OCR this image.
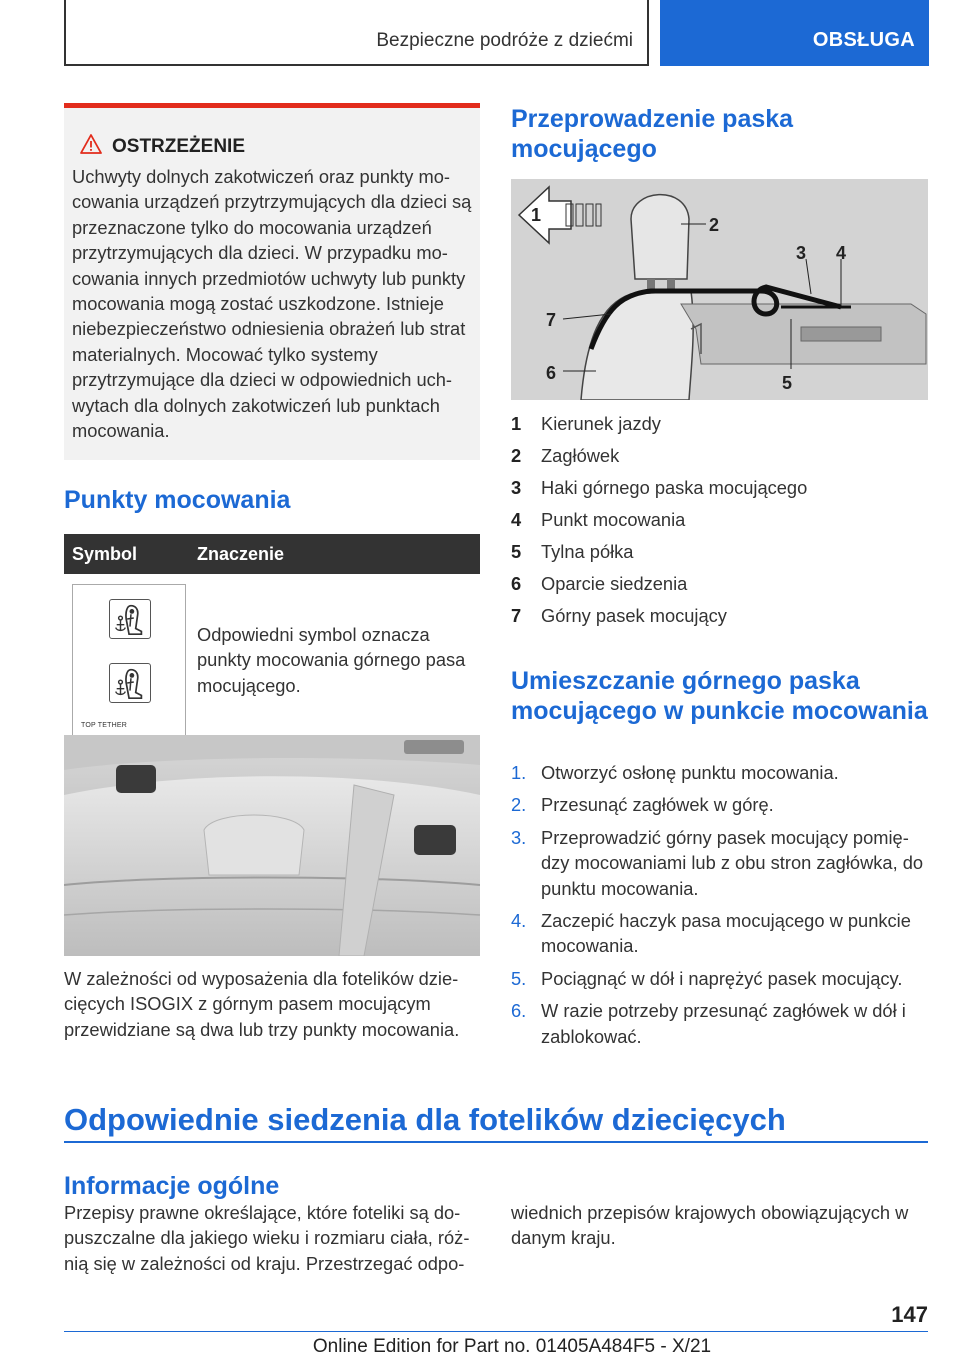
Bezpieczne podróże z dziećmi	OBSŁUGA
OSTRZEŻENIE
Uchwyty dolnych zakotwiczeń oraz punkty mo‐cowania urządzeń przytrzymujących dla dzieci są przeznaczone tylko do mocowania urządzeń przytrzymujących dla dzieci. W przypadku mo‐cowania innych przedmiotów uchwyty lub punkty mocowania mogą zostać uszkodzone. Istnieje niebezpieczeństwo odniesienia obrażeń lub strat materialnych. Mocować tylko systemy przytrzymujące dla dzieci w odpowiednich uch‐wytach dla dolnych zakotwiczeń lub punktach mocowania.
Punkty mocowania
Symbol	Znaczenie
TOP TETHER
Odpowiedni symbol oznacza punkty mocowania górnego pasa mocującego.
W zależności od wyposażenia dla fotelików dzie‐cięcych ISOGIX z górnym pasem mocującym przewidziane są dwa lub trzy punkty mocowania.
Przeprowadzenie paska mocującego
1	2
3 4
5
6
7
1 Kierunek jazdy
2 Zagłówek
3 Haki górnego paska mocującego
4 Punkt mocowania
5 Tylna półka
6 Oparcie siedzenia
7 Górny pasek mocujący
Umieszczanie górnego paska mocującego w punkcie mocowania
1. Otworzyć osłonę punktu mocowania.
2. Przesunąć zagłówek w górę.
3. Przeprowadzić górny pasek mocujący pomię‐dzy mocowaniami lub z obu stron zagłówka, do punktu mocowania.
4. Zaczepić haczyk pasa mocującego w punkcie mocowania.
5. Pociągnąć w dół i naprężyć pasek mocujący.
6. W razie potrzeby przesunąć zagłówek w dół i zablokować.
Odpowiednie siedzenia dla fotelików dziecięcych
Informacje ogólne
Przepisy prawne określające, które foteliki są do‐puszczalne dla jakiego wieku i rozmiaru ciała, róż‐nią się w zależności od kraju. Przestrzegać odpo‐
wiednich przepisów krajowych obowiązujących w danym kraju.
147
Online Edition for Part no. 01405A484F5 - X/21
